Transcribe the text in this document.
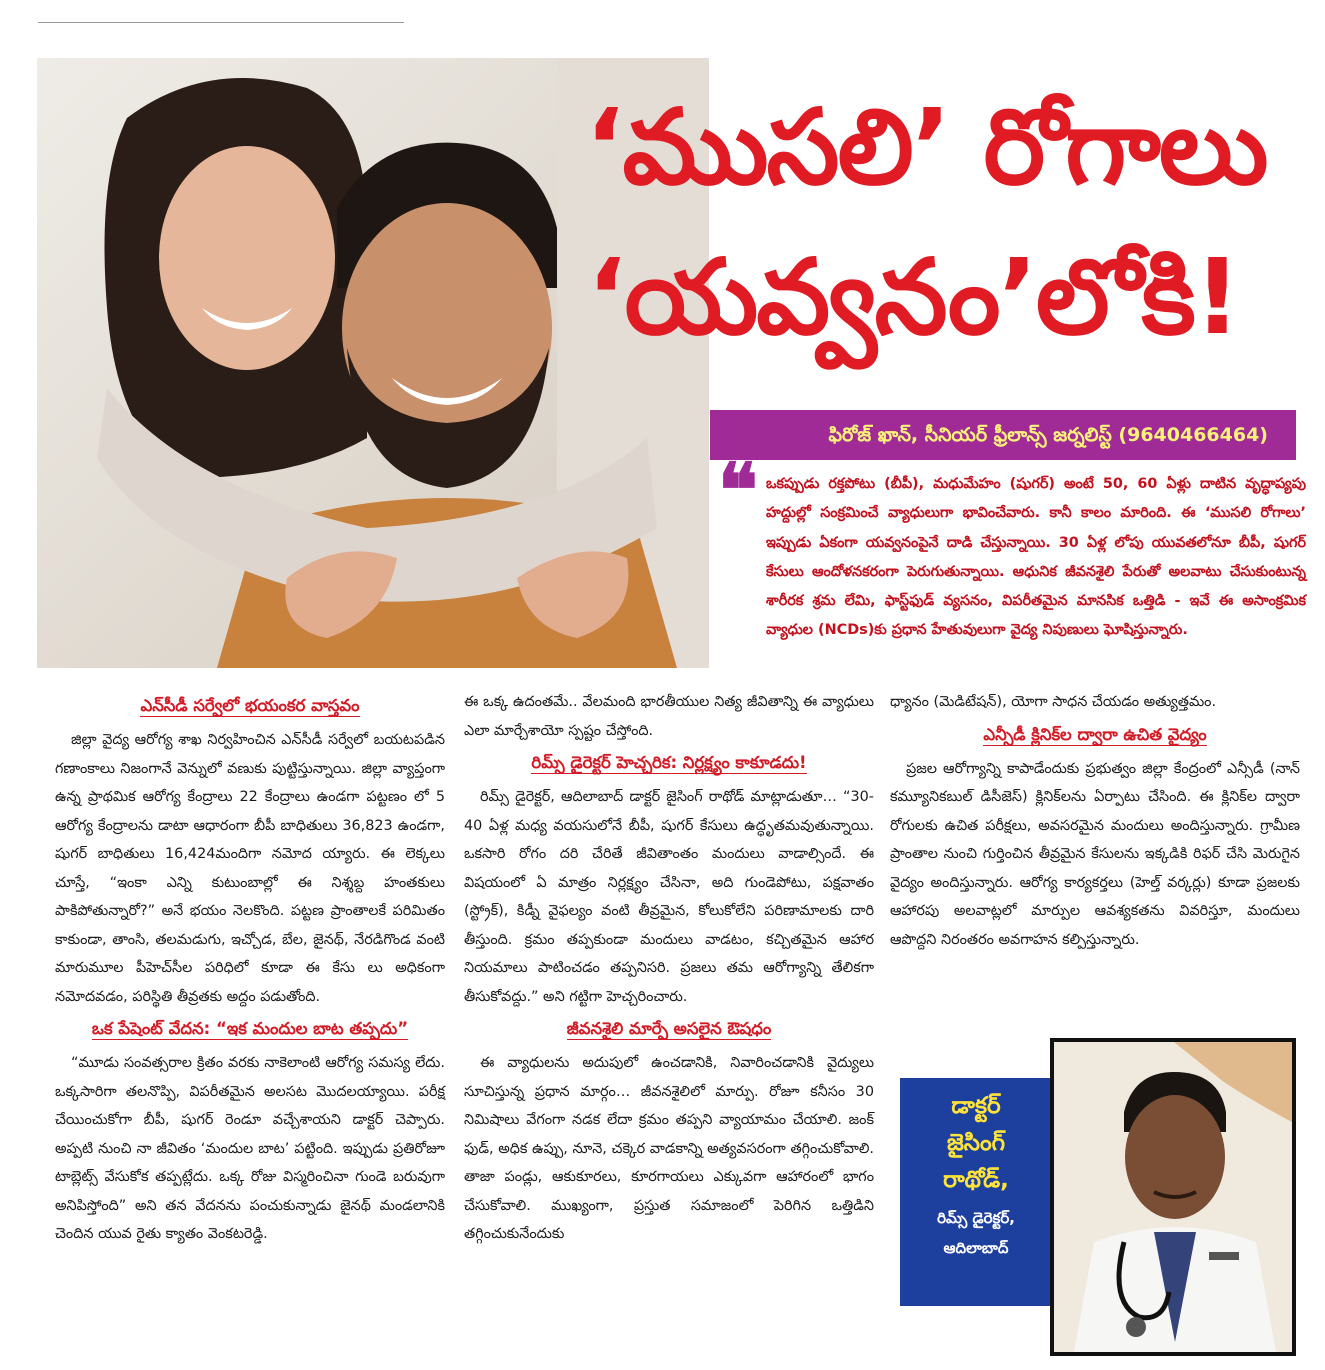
‘ముసలి’ రోగాలు
‘యవ్వనం’లోకి!
ఫిరోజ్ ఖాన్, సీనియర్ ఫ్రీలాన్స్ జర్నలిస్ట్ (9640466464)
❝ ఒకప్పుడు రక్తపోటు (బీపీ), మధుమేహం (షుగర్) అంటే 50, 60 ఏళ్లు దాటిన వృద్ధాప్యపు హద్దుల్లో సంక్రమించే వ్యాధులుగా భావించేవారు. కానీ కాలం మారింది. ఈ ‘ముసలి రోగాలు’ ఇప్పుడు ఏకంగా యవ్వనంపైనే దాడి చేస్తున్నాయి. 30 ఏళ్ల లోపు యువతలోనూ బీపీ, షుగర్ కేసులు ఆందోళనకరంగా పెరుగుతున్నాయి. ఆధునిక జీవనశైలి పేరుతో అలవాటు చేసుకుంటున్న శారీరక శ్రమ లేమి, ఫాస్ట్‌ఫుడ్ వ్యసనం, విపరీతమైన మానసిక ఒత్తిడి - ఇవే ఈ అసాంక్రమిక వ్యాధుల (NCDs)కు ప్రధాన హేతువులుగా వైద్య నిపుణులు ఘోషిస్తున్నారు.

ఎన్‌సీడీ సర్వేలో భయంకర వాస్తవం

జిల్లా వైద్య ఆరోగ్య శాఖ నిర్వహించిన ఎన్‌సీడీ సర్వేలో బయటపడిన గణాంకాలు నిజంగానే వెన్నులో వణుకు పుట్టిస్తున్నాయి. జిల్లా వ్యాప్తంగా ఉన్న ప్రాథమిక ఆరోగ్య కేంద్రాలు 22 కేంద్రాలు ఉండగా పట్టణం లో 5 ఆరోగ్య కేంద్రాలను డాటా ఆధారంగా బీపీ బాధితులు 36,823 ఉండగా, షుగర్ బాధితులు 16,424మందిగా నమోద య్యారు. ఈ లెక్కలు చూస్తే, “ఇంకా ఎన్ని కుటుంబాల్లో ఈ నిశ్శబ్ద హంతకులు పాకిపోతున్నారో?” అనే భయం నెలకొంది. పట్టణ ప్రాంతాలకే పరిమితం కాకుండా, తాంసి, తలమడుగు, ఇచ్చోడ, బేల, జైనథ్, నేరడిగొండ వంటి మారుమూల పీహెచ్‌సీల పరిధిలో కూడా ఈ కేసు లు అధికంగా నమోదవడం, పరిస్థితి తీవ్రతకు అద్దం పడుతోంది.

ఒక పేషెంట్ వేదన: “ఇక మందుల బాట తప్పదు”

“మూడు సంవత్సరాల క్రితం వరకు నాకెలాంటి ఆరోగ్య సమస్య లేదు. ఒక్కసారిగా తలనొప్పి, విపరీతమైన అలసట మొదలయ్యాయి. పరీక్ష చేయించుకోగా బీపీ, షుగర్ రెండూ వచ్చేశాయని డాక్టర్ చెప్పారు. అప్పటి నుంచి నా జీవితం ‘మందుల బాట’ పట్టింది. ఇప్పుడు ప్రతిరోజూ టాబ్లెట్స్ వేసుకోక తప్పట్లేదు. ఒక్క రోజు విస్మరించినా గుండె బరువుగా అనిపిస్తోంది” అని తన వేదనను పంచుకున్నాడు జైనథ్ మండలానికి చెందిన యువ రైతు క్యాతం వెంకటరెడ్డి.

ఈ ఒక్క ఉదంతమే.. వేలమంది భారతీయుల నిత్య జీవితాన్ని ఈ వ్యాధులు ఎలా మార్చేశాయో స్పష్టం చేస్తోంది.

రిమ్స్ డైరెక్టర్ హెచ్చరిక: నిర్లక్ష్యం కాకూడదు!

రిమ్స్ డైరెక్టర్, ఆదిలాబాద్ డాక్టర్ జైసింగ్ రాథోడ్ మాట్లాడుతూ… “30-40 ఏళ్ల మధ్య వయసులోనే బీపీ, షుగర్ కేసులు ఉద్ధృతమవుతున్నాయి. ఒకసారి రోగం దరి చేరితే జీవితాంతం మందులు వాడాల్సిందే. ఈ విషయంలో ఏ మాత్రం నిర్లక్ష్యం చేసినా, అది గుండెపోటు, పక్షవాతం (స్ట్రోక్), కిడ్నీ వైఫల్యం వంటి తీవ్రమైన, కోలుకోలేని పరిణామాలకు దారి తీస్తుంది. క్రమం తప్పకుండా మందులు వాడటం, కచ్చితమైన ఆహార నియమాలు పాటించడం తప్పనిసరి. ప్రజలు తమ ఆరోగ్యాన్ని తేలికగా తీసుకోవద్దు.” అని గట్టిగా హెచ్చరించారు.

జీవనశైలి మార్పే అసలైన ఔషధం

ఈ వ్యాధులను అదుపులో ఉంచడానికి, నివారించడానికి వైద్యులు సూచిస్తున్న ప్రధాన మార్గం… జీవనశైలిలో మార్పు. రోజూ కనీసం 30 నిమిషాలు వేగంగా నడక లేదా క్రమం తప్పని వ్యాయామం చేయాలి. జంక్ ఫుడ్, అధిక ఉప్పు, నూనె, చక్కెర వాడకాన్ని అత్యవసరంగా తగ్గించుకోవాలి. తాజా పండ్లు, ఆకుకూరలు, కూరగాయలు ఎక్కువగా ఆహారంలో భాగం చేసుకోవాలి. ముఖ్యంగా, ప్రస్తుత సమాజంలో పెరిగిన ఒత్తిడిని తగ్గించుకునేందుకు

ధ్యానం (మెడిటేషన్), యోగా సాధన చేయడం అత్యుత్తమం.

ఎన్సీడీ క్లినిక్‌ల ద్వారా ఉచిత వైద్యం

ప్రజల ఆరోగ్యాన్ని కాపాడేందుకు ప్రభుత్వం జిల్లా కేంద్రంలో ఎన్సీడీ (నాన్ కమ్యూనికబుల్ డిసీజెస్) క్లినిక్‌లను ఏర్పాటు చేసింది. ఈ క్లినిక్‌ల ద్వారా రోగులకు ఉచిత పరీక్షలు, అవసరమైన మందులు అందిస్తున్నారు. గ్రామీణ ప్రాంతాల నుంచి గుర్తించిన తీవ్రమైన కేసులను ఇక్కడికి రిఫర్ చేసి మెరుగైన వైద్యం అందిస్తున్నారు. ఆరోగ్య కార్యకర్తలు (హెల్త్ వర్కర్లు) కూడా ప్రజలకు ఆహారపు అలవాట్లలో మార్పుల ఆవశ్యకతను వివరిస్తూ, మందులు ఆపొద్దని నిరంతరం అవగాహన కల్పిస్తున్నారు.

డాక్టర్
జైసింగ్
రాథోడ్,
రిమ్స్ డైరెక్టర్,
ఆదిలాబాద్
